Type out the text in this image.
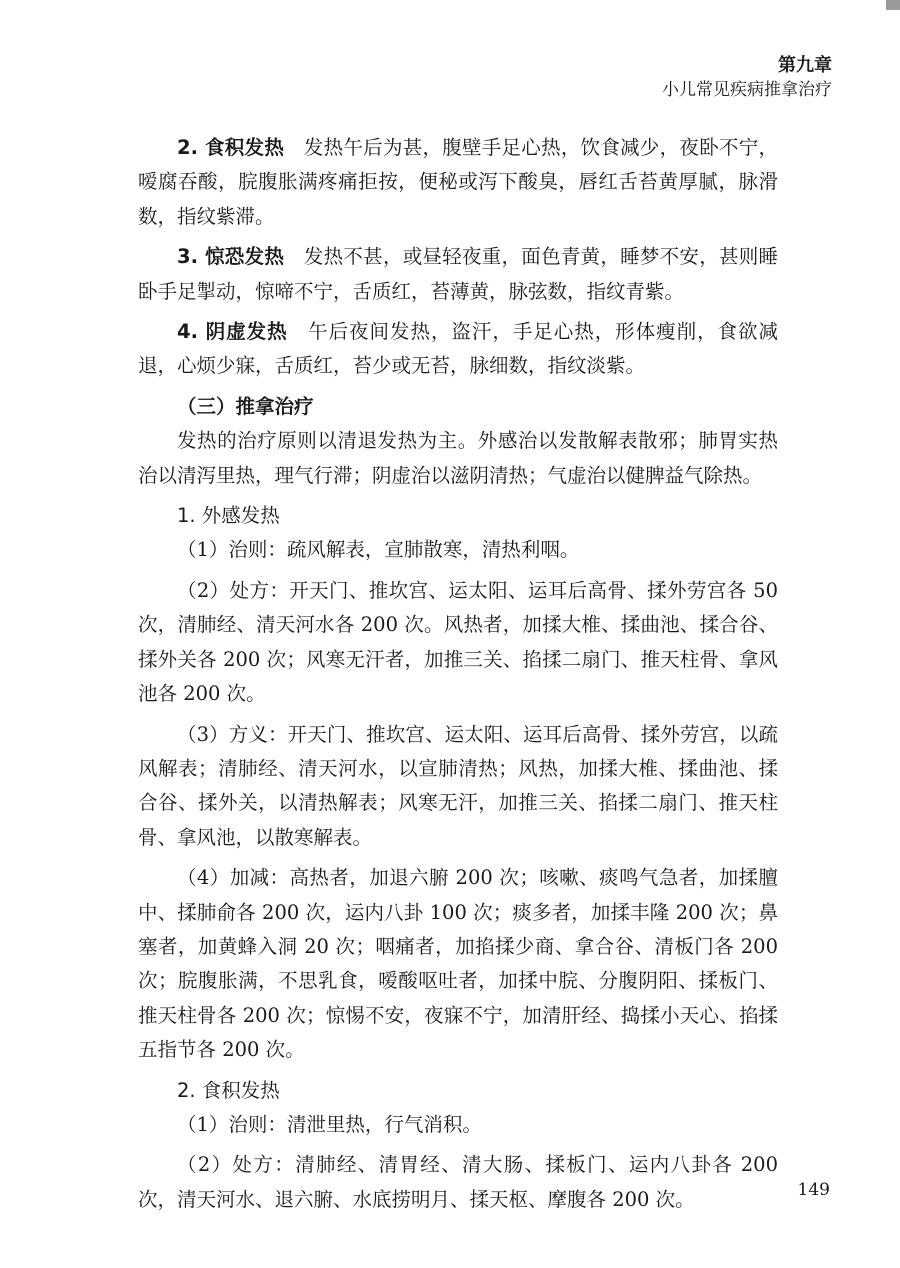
第九章
小儿常见疾病推拿治疗

2. 食积发热　 发热午后为甚，腹壁手足心热，饮食减少，夜卧不宁，嗳腐吞酸，脘腹胀满疼痛拒按，便秘或泻下酸臭，唇红舌苔黄厚腻，脉滑数，指纹紫滞。

3. 惊恐发热　 发热不甚，或昼轻夜重，面色青黄，睡梦不安，甚则睡卧手足掣动，惊啼不宁，舌质红，苔薄黄，脉弦数，指纹青紫。

4. 阴虚发热　 午后夜间发热，盗汗，手足心热，形体瘦削，食欲减退，心烦少寐，舌质红，苔少或无苔，脉细数，指纹淡紫。

（三）推拿治疗

发热的治疗原则以清退发热为主。外感治以发散解表散邪；肺胃实热治以清泻里热，理气行滞；阴虚治以滋阴清热；气虚治以健脾益气除热。

1. 外感发热

（1）治则：疏风解表，宣肺散寒，清热利咽。

（2）处方：开天门、推坎宫、运太阳、运耳后高骨、揉外劳宫各 50 次，清肺经、清天河水各 200 次。风热者，加揉大椎、揉曲池、揉合谷、揉外关各 200 次；风寒无汗者，加推三关、掐揉二扇门、推天柱骨、拿风池各 200 次。

（3）方义：开天门、推坎宫、运太阳、运耳后高骨、揉外劳宫，以疏风解表；清肺经、清天河水，以宣肺清热；风热，加揉大椎、揉曲池、揉合谷、揉外关，以清热解表；风寒无汗，加推三关、掐揉二扇门、推天柱骨、拿风池，以散寒解表。

（4）加减：高热者，加退六腑 200 次；咳嗽、痰鸣气急者，加揉膻中、揉肺俞各 200 次，运内八卦 100 次；痰多者，加揉丰隆 200 次；鼻塞者，加黄蜂入洞 20 次；咽痛者，加掐揉少商、拿合谷、清板门各 200 次；脘腹胀满，不思乳食，嗳酸呕吐者，加揉中脘、分腹阴阳、揉板门、推天柱骨各 200 次；惊惕不安，夜寐不宁，加清肝经、捣揉小天心、掐揉五指节各 200 次。

2. 食积发热

（1）治则：清泄里热，行气消积。

（2）处方：清肺经、清胃经、清大肠、揉板门、运内八卦各 200 次，清天河水、退六腑、水底捞明月、揉天枢、摩腹各 200 次。	149
